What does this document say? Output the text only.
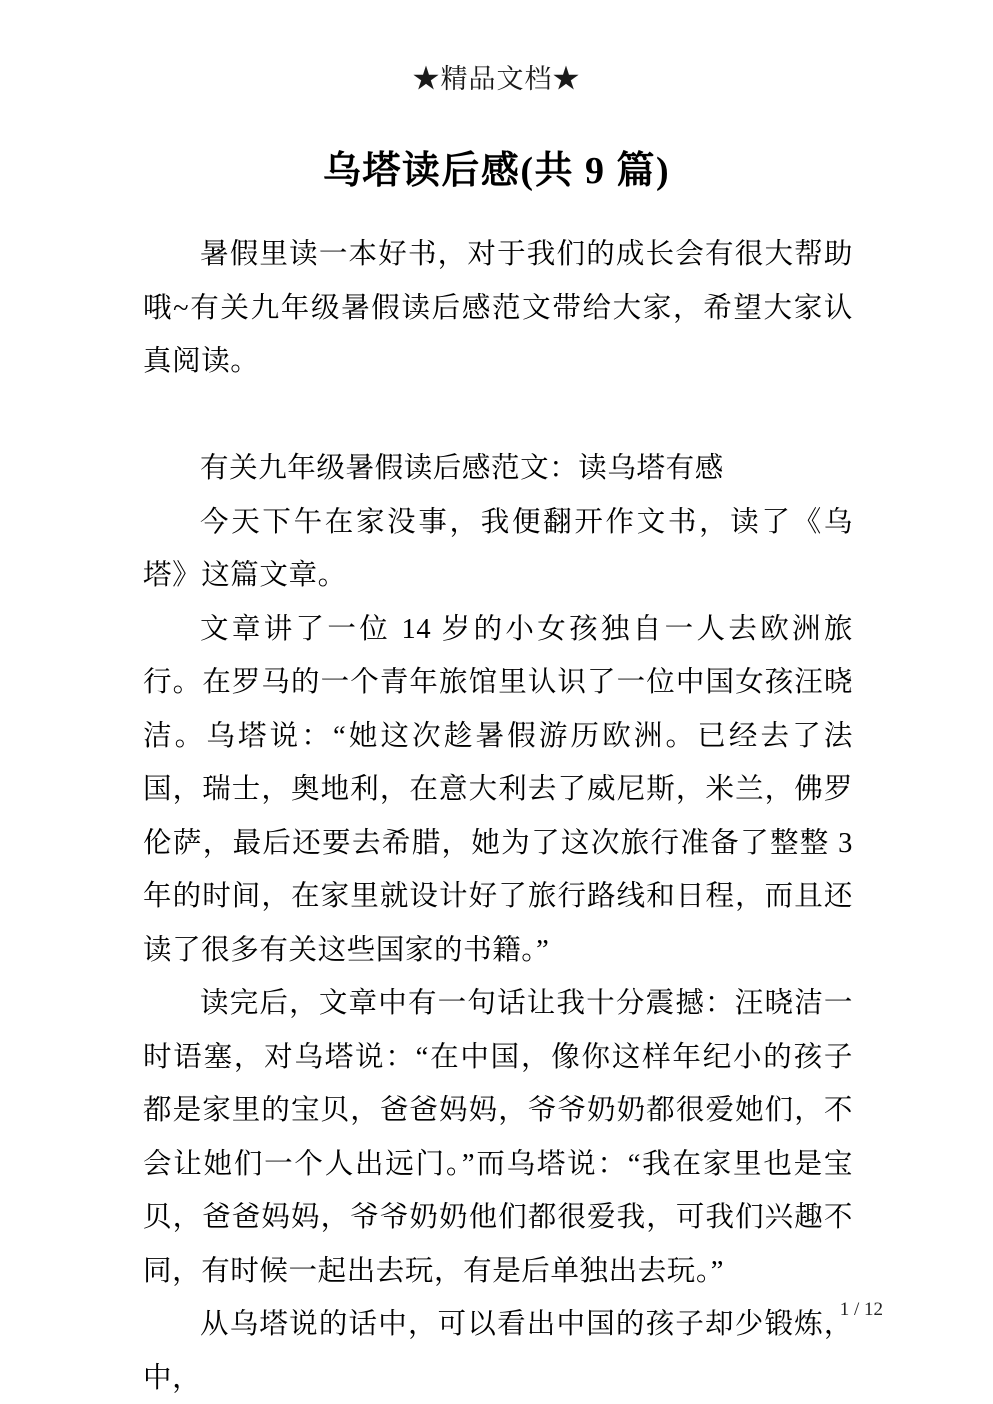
★精品文档★
乌塔读后感(共 9 篇)

暑假里读一本好书，对于我们的成长会有很大帮助哦~有关九年级暑假读后感范文带给大家，希望大家认真阅读。

有关九年级暑假读后感范文：读乌塔有感

今天下午在家没事，我便翻开作文书，读了《乌塔》这篇文章。

文章讲了一位 14 岁的小女孩独自一人去欧洲旅行。在罗马的一个青年旅馆里认识了一位中国女孩汪晓洁。乌塔说：“她这次趁暑假游历欧洲。已经去了法国，瑞士，奥地利，在意大利去了威尼斯，米兰，佛罗伦萨，最后还要去希腊，她为了这次旅行准备了整整 3 年的时间，在家里就设计好了旅行路线和日程，而且还读了很多有关这些国家的书籍。”

读完后，文章中有一句话让我十分震撼：汪晓洁一时语塞，对乌塔说：“在中国，像你这样年纪小的孩子都是家里的宝贝，爸爸妈妈，爷爷奶奶都很爱她们，不会让她们一个人出远门。”而乌塔说：“我在家里也是宝贝，爸爸妈妈，爷爷奶奶他们都很爱我，可我们兴趣不同，有时候一起出去玩，有是后单独出去玩。”

从乌塔说的话中，可以看出中国的孩子却少锻炼，中，

1 / 12
